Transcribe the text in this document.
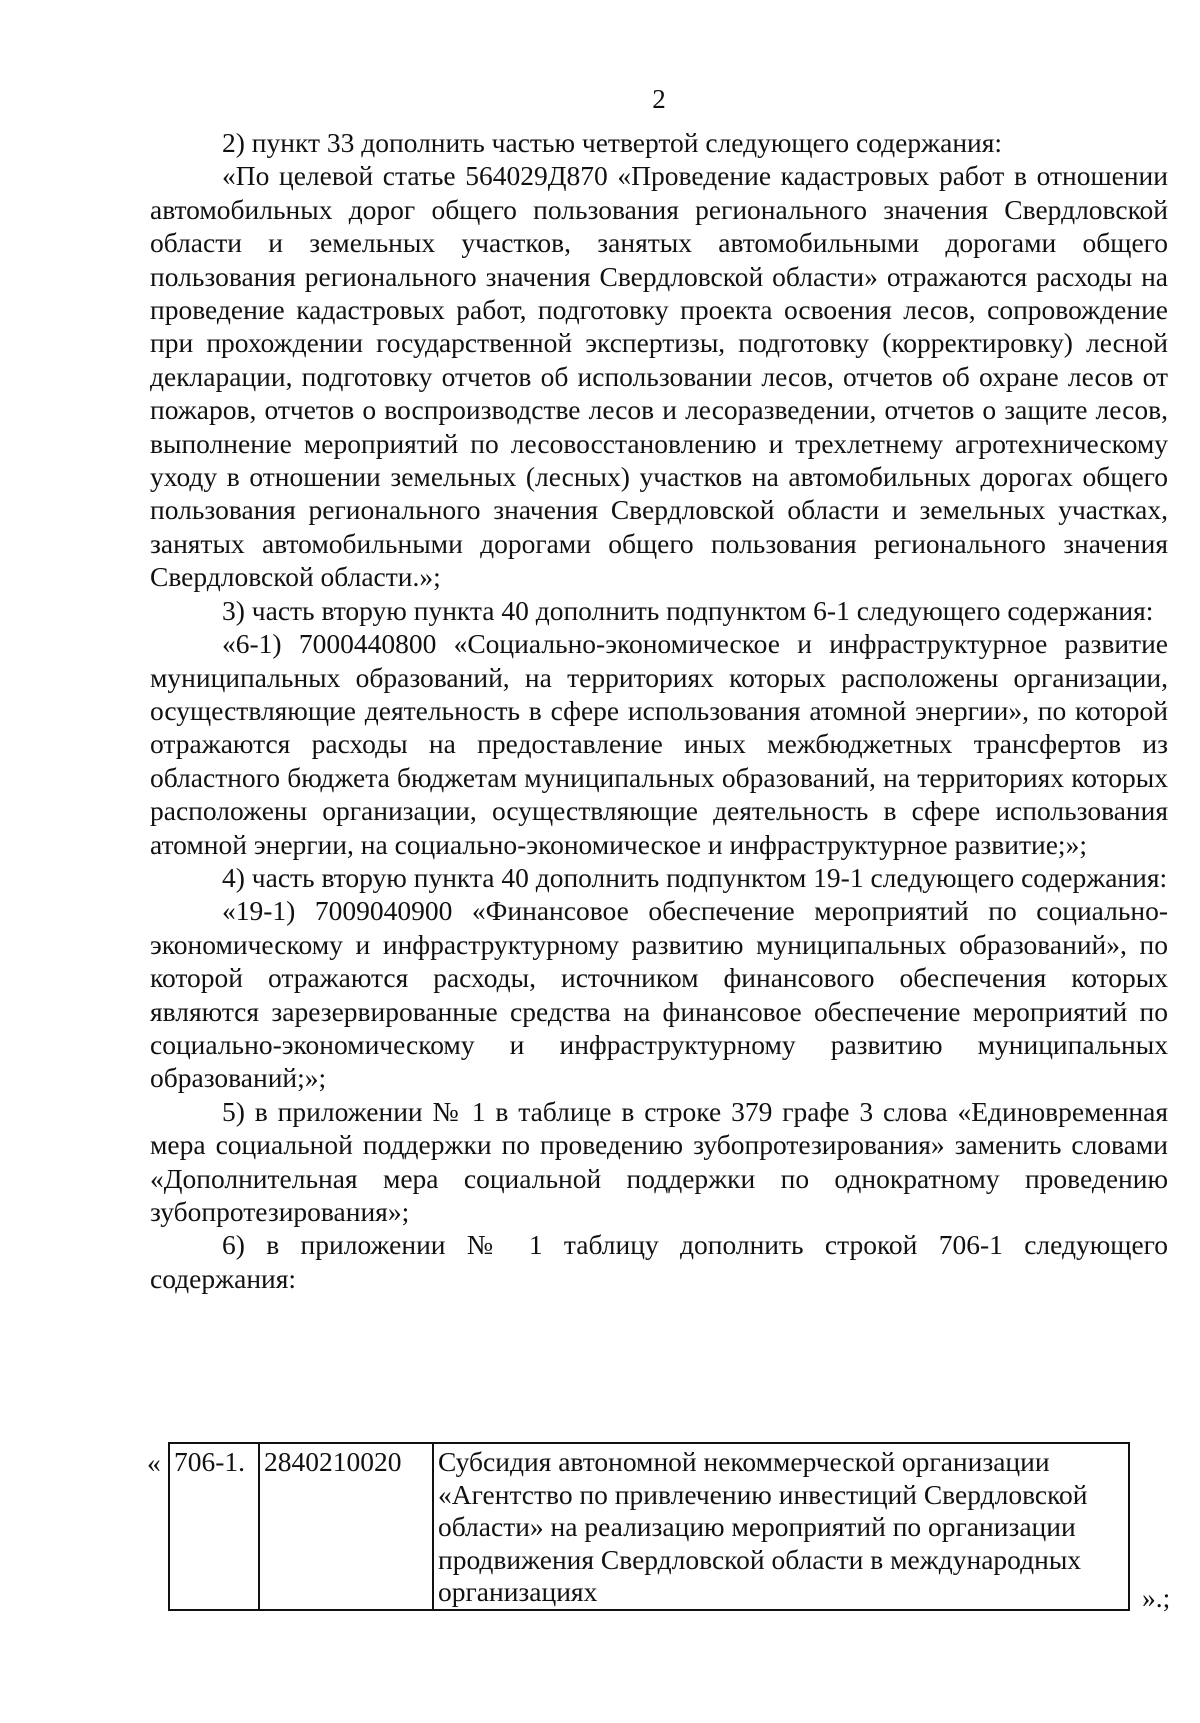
2

2) пункт 33 дополнить частью четвертой следующего содержания:

«По целевой статье 564029Д870 «Проведение кадастровых работ в отношении автомобильных дорог общего пользования регионального значения Свердловской области и земельных участков, занятых автомобильными дорогами общего пользования регионального значения Свердловской области» отражаются расходы на проведение кадастровых работ, подготовку проекта освоения лесов, сопровождение при прохождении государственной экспертизы, подготовку (корректировку) лесной декларации, подготовку отчетов об использовании лесов, отчетов об охране лесов от пожаров, отчетов о воспроизводстве лесов и лесоразведении, отчетов о защите лесов, выполнение мероприятий по лесовосстановлению и трехлетнему агротехническому уходу в отношении земельных (лесных) участков на автомобильных дорогах общего пользования регионального значения Свердловской области и земельных участках, занятых автомобильными дорогами общего пользования регионального значения Свердловской области.»;

3) часть вторую пункта 40 дополнить подпунктом 6-1 следующего содержания:

«6-1) 7000440800 «Социально-экономическое и инфраструктурное развитие муниципальных образований, на территориях которых расположены организации, осуществляющие деятельность в сфере использования атомной энергии», по которой отражаются расходы на предоставление иных межбюджетных трансфертов из областного бюджета бюджетам муниципальных образований, на территориях которых расположены организации, осуществляющие деятельность в сфере использования атомной энергии, на социально-экономическое и инфраструктурное развитие;»;

4) часть вторую пункта 40 дополнить подпунктом 19-1 следующего содержания:

«19-1) 7009040900 «Финансовое обеспечение мероприятий по социально-экономическому и инфраструктурному развитию муниципальных образований», по которой отражаются расходы, источником финансового обеспечения которых являются зарезервированные средства на финансовое обеспечение мероприятий по социально-экономическому и инфраструктурному развитию муниципальных образований;»;

5) в приложении № 1 в таблице в строке 379 графе 3 слова «Единовременная мера социальной поддержки по проведению зубопротезирования» заменить словами «Дополнительная мера социальной поддержки по однократному проведению зубопротезирования»;

6) в приложении № 1 таблицу дополнить строкой 706-1 следующего содержания:

« 706-1.	2840210020	Субсидия автономной некоммерческой организации «Агентство по привлечению инвестиций Свердловской области» на реализацию мероприятий по организации продвижения Свердловской области в международных организациях	».;
